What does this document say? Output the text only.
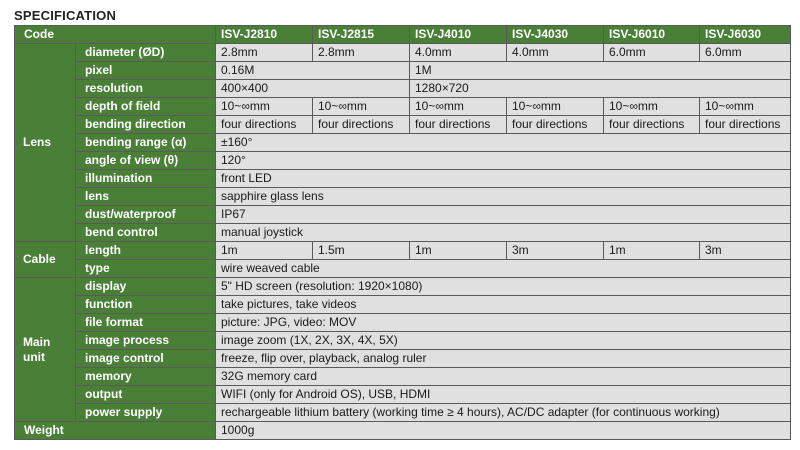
SPECIFICATION
Code		ISV-J2810	ISV-J2815	ISV-J4010	ISV-J4030	ISV-J6010	ISV-J6030
Lens	diameter (ØD)	2.8mm	2.8mm	4.0mm	4.0mm	6.0mm	6.0mm
	pixel	0.16M		1M			
	resolution	400×400		1280×720			
	depth of field	10~∞mm	10~∞mm	10~∞mm	10~∞mm	10~∞mm	10~∞mm
	bending direction	four directions	four directions	four directions	four directions	four directions	four directions
	bending range (α)	±160°					
	angle of view (θ)	120°					
	illumination	front LED					
	lens	sapphire glass lens					
	dust/waterproof	IP67					
	bend control	manual joystick					
Cable	length	1m	1.5m	1m	3m	1m	3m
	type	wire weaved cable					

Main
unit	display	5" HD screen (resolution: 1920×1080)					
	function	take pictures, take videos					
	file format	picture: JPG, video: MOV					
	image process	image zoom (1X, 2X, 3X, 4X, 5X)					
	image control	freeze, flip over, playback, analog ruler					
	memory	32G memory card					
	output	WIFI (only for Android OS), USB, HDMI					
	power supply	rechargeable lithium battery (working time ≥ 4 hours), AC/DC adapter (for continuous working)					
Weight		1000g					
